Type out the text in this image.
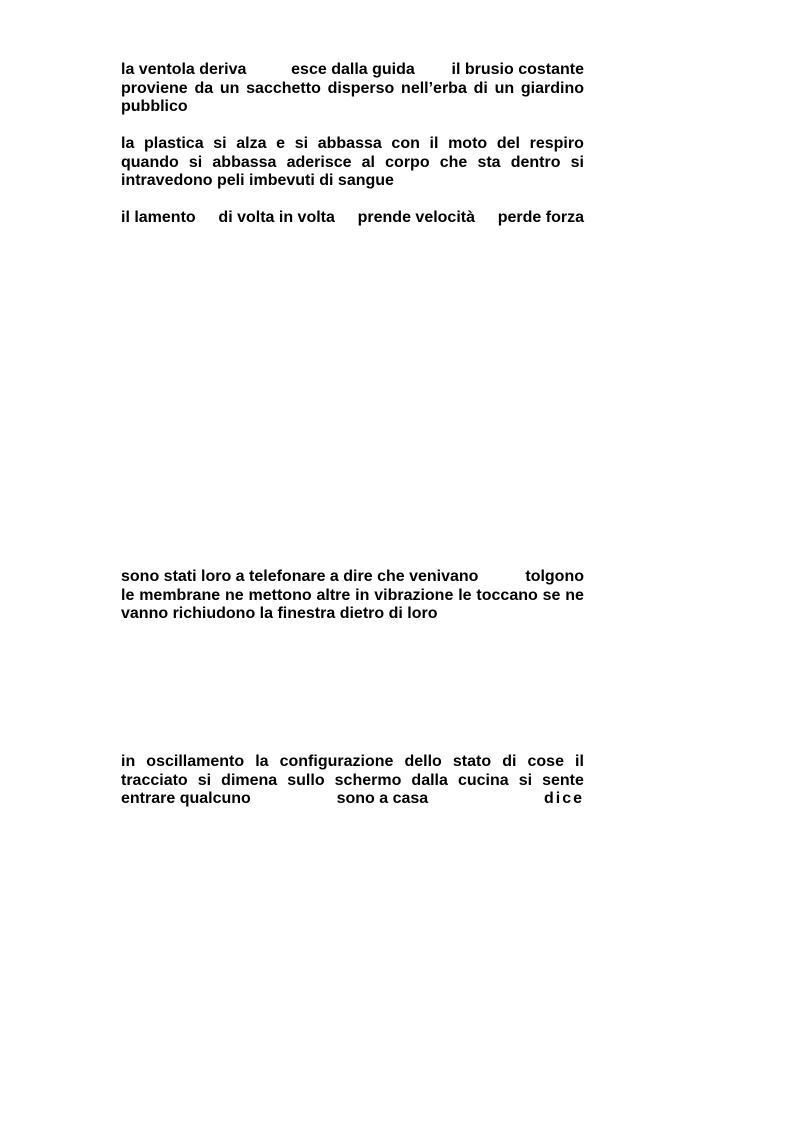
la ventola deriva	esce dalla guida il brusio costante
proviene da un sacchetto disperso nell’erba di un giardino
pubblico
la plastica si alza e si abbassa con il moto del respiro
quando si abbassa aderisce al corpo che sta dentro si
intravedono peli imbevuti di sangue
il lamento di volta in volta prende velocità perde forza
sono stati loro a telefonare a dire che venivano	tolgono
le membrane ne mettono altre in vibrazione le toccano se ne
vanno richiudono la finestra dietro di loro
in oscillamento la configurazione dello stato di cose il
tracciato si dimena sullo schermo dalla cucina si sente
entrare qualcuno	sono a casa	dice
